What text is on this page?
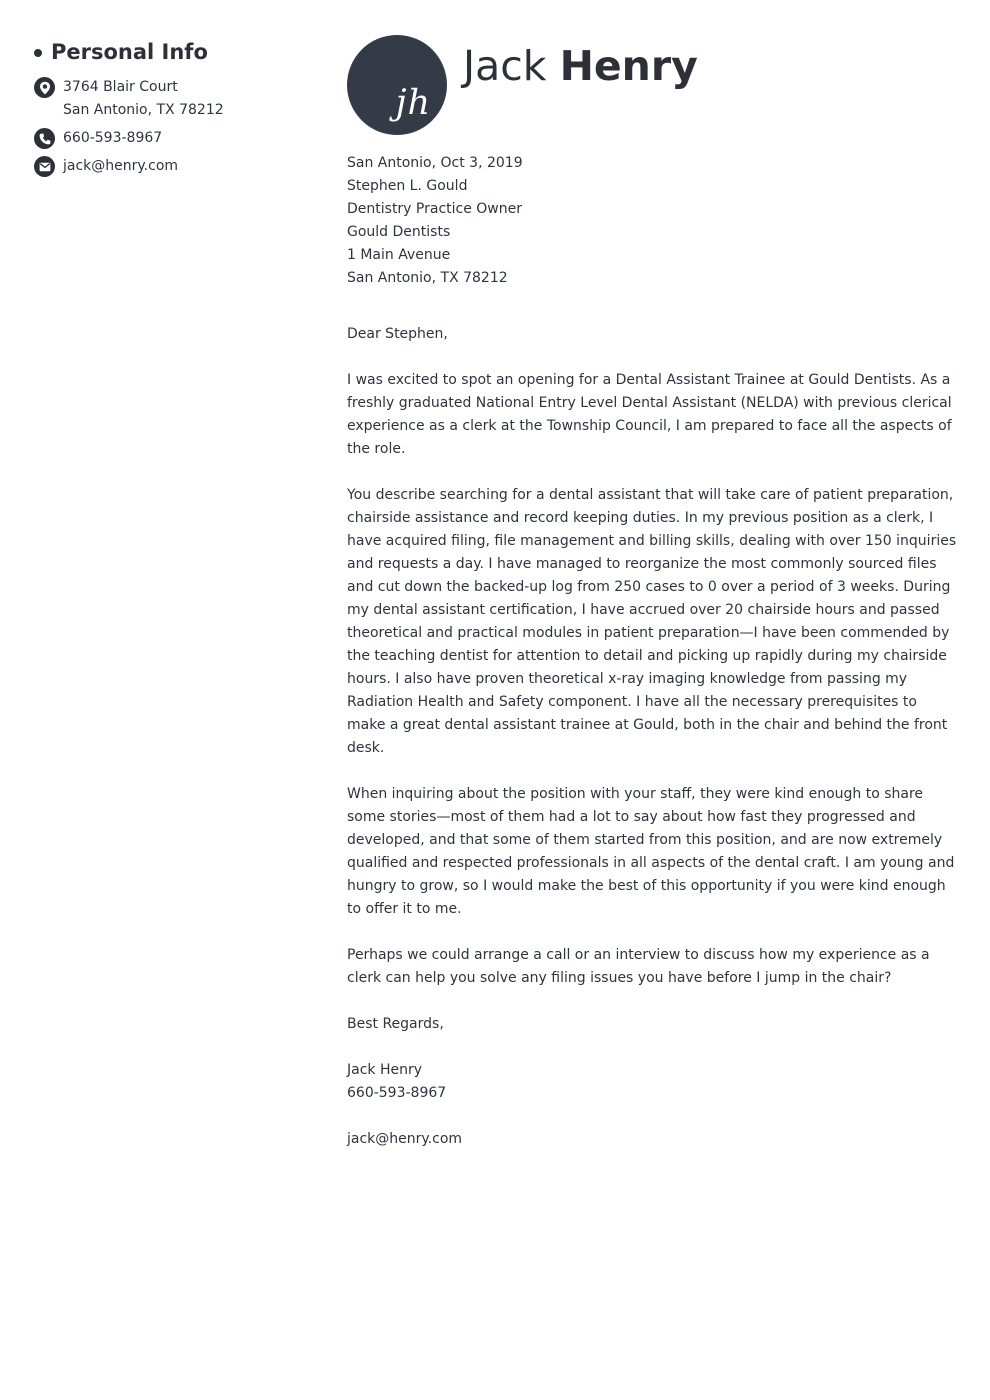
Personal Info
3764 Blair Court
San Antonio, TX 78212
660-593-8967
jack@henry.com
jh
Jack Henry

San Antonio, Oct 3, 2019

Stephen L. Gould

Dentistry Practice Owner

Gould Dentists

1 Main Avenue

San Antonio, TX 78212

Dear Stephen,

I was excited to spot an opening for a Dental Assistant Trainee at Gould Dentists. As a freshly graduated National Entry Level Dental Assistant (NELDA) with previous clerical experience as a clerk at the Township Council, I am prepared to face all the aspects of the role.

You describe searching for a dental assistant that will take care of patient preparation, chairside assistance and record keeping duties. In my previous position as a clerk, I have acquired filing, file management and billing skills, dealing with over 150 inquiries and requests a day. I have managed to reorganize the most commonly sourced files and cut down the backed-up log from 250 cases to 0 over a period of 3 weeks. During my dental assistant certification, I have accrued over 20 chairside hours and passed theoretical and practical modules in patient preparation—I have been commended by the teaching dentist for attention to detail and picking up rapidly during my chairside hours. I also have proven theoretical x-ray imaging knowledge from passing my Radiation Health and Safety component. I have all the necessary prerequisites to make a great dental assistant trainee at Gould, both in the chair and behind the front desk.

When inquiring about the position with your staff, they were kind enough to share some stories—most of them had a lot to say about how fast they progressed and developed, and that some of them started from this position, and are now extremely qualified and respected professionals in all aspects of the dental craft. I am young and hungry to grow, so I would make the best of this opportunity if you were kind enough to offer it to me.

Perhaps we could arrange a call or an interview to discuss how my experience as a clerk can help you solve any filing issues you have before I jump in the chair?

Best Regards,

Jack Henry

660-593-8967

jack@henry.com
